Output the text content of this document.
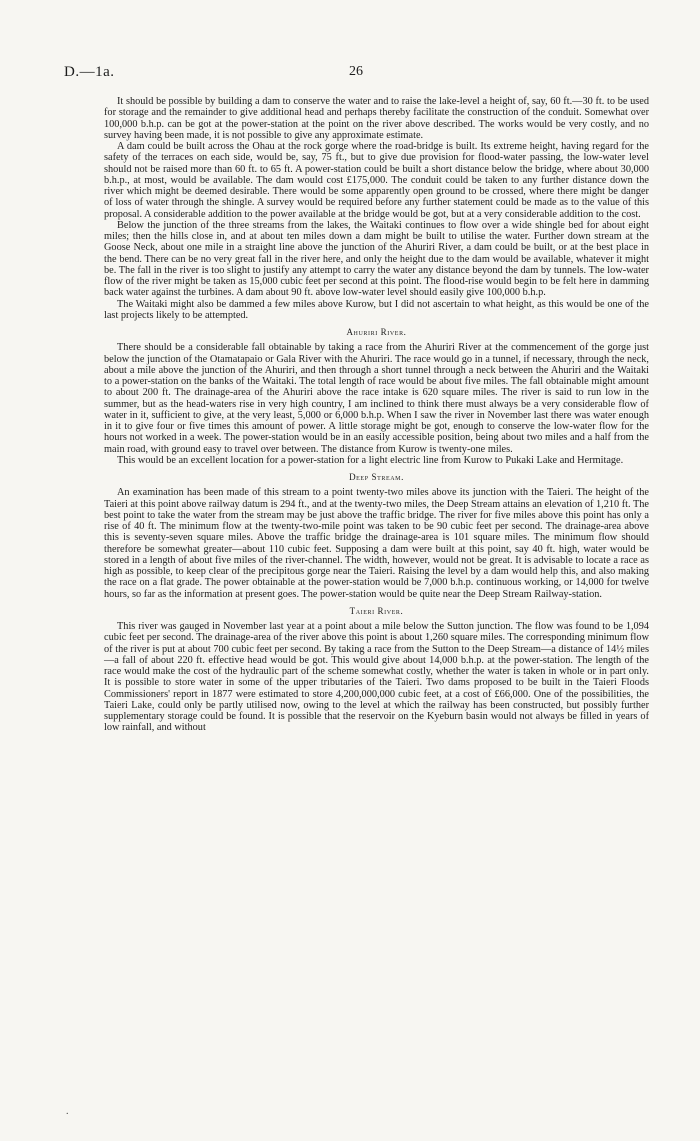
D.—1a.	26

It should be possible by building a dam to conserve the water and to raise the lake-level a height of, say, 60 ft.—30 ft. to be used for storage and the remainder to give additional head and perhaps thereby facilitate the construction of the conduit. Somewhat over 100,000 b.h.p. can be got at the power-station at the point on the river above described. The works would be very costly, and no survey having been made, it is not possible to give any approximate estimate.

A dam could be built across the Ohau at the rock gorge where the road-bridge is built. Its extreme height, having regard for the safety of the terraces on each side, would be, say, 75 ft., but to give due provision for flood-water passing, the low-water level should not be raised more than 60 ft. to 65 ft. A power-station could be built a short distance below the bridge, where about 30,000 b.h.p., at most, would be available. The dam would cost £175,000. The conduit could be taken to any further distance down the river which might be deemed desirable. There would be some apparently open ground to be crossed, where there might be danger of loss of water through the shingle. A survey would be required before any further statement could be made as to the value of this proposal. A considerable addition to the power available at the bridge would be got, but at a very considerable addition to the cost.

Below the junction of the three streams from the lakes, the Waitaki continues to flow over a wide shingle bed for about eight miles; then the hills close in, and at about ten miles down a dam might be built to utilise the water. Further down stream at the Goose Neck, about one mile in a straight line above the junction of the Ahuriri River, a dam could be built, or at the best place in the bend. There can be no very great fall in the river here, and only the height due to the dam would be available, whatever it might be. The fall in the river is too slight to justify any attempt to carry the water any distance beyond the dam by tunnels. The low-water flow of the river might be taken as 15,000 cubic feet per second at this point. The flood-rise would begin to be felt here in damming back water against the turbines. A dam about 90 ft. above low-water level should easily give 100,000 b.h.p.

The Waitaki might also be dammed a few miles above Kurow, but I did not ascertain to what height, as this would be one of the last projects likely to be attempted.

Ahuriri River.

There should be a considerable fall obtainable by taking a race from the Ahuriri River at the commencement of the gorge just below the junction of the Otamatapaio or Gala River with the Ahuriri. The race would go in a tunnel, if necessary, through the neck, about a mile above the junction of the Ahuriri, and then through a short tunnel through a neck between the Ahuriri and the Waitaki to a power-station on the banks of the Waitaki. The total length of race would be about five miles. The fall obtainable might amount to about 200 ft. The drainage-area of the Ahuriri above the race intake is 620 square miles. The river is said to run low in the summer, but as the head-waters rise in very high country, I am inclined to think there must always be a very considerable flow of water in it, sufficient to give, at the very least, 5,000 or 6,000 b.h.p. When I saw the river in November last there was water enough in it to give four or five times this amount of power. A little storage might be got, enough to conserve the low-water flow for the hours not worked in a week. The power-station would be in an easily accessible position, being about two miles and a half from the main road, with ground easy to travel over between. The distance from Kurow is twenty-one miles.

This would be an excellent location for a power-station for a light electric line from Kurow to Pukaki Lake and Hermitage.

Deep Stream.

An examination has been made of this stream to a point twenty-two miles above its junction with the Taieri. The height of the Taieri at this point above railway datum is 294 ft., and at the twenty-two miles, the Deep Stream attains an elevation of 1,210 ft. The best point to take the water from the stream may be just above the traffic bridge. The river for five miles above this point has only a rise of 40 ft. The minimum flow at the twenty-two-mile point was taken to be 90 cubic feet per second. The drainage-area above this is seventy-seven square miles. Above the traffic bridge the drainage-area is 101 square miles. The minimum flow should therefore be somewhat greater—about 110 cubic feet. Supposing a dam were built at this point, say 40 ft. high, water would be stored in a length of about five miles of the river-channel. The width, however, would not be great. It is advisable to locate a race as high as possible, to keep clear of the precipitous gorge near the Taieri. Raising the level by a dam would help this, and also making the race on a flat grade. The power obtainable at the power-station would be 7,000 b.h.p. continuous working, or 14,000 for twelve hours, so far as the information at present goes. The power-station would be quite near the Deep Stream Railway-station.

Taieri River.

This river was gauged in November last year at a point about a mile below the Sutton junction. The flow was found to be 1,094 cubic feet per second. The drainage-area of the river above this point is about 1,260 square miles. The corresponding minimum flow of the river is put at about 700 cubic feet per second. By taking a race from the Sutton to the Deep Stream—a distance of 14½ miles—a fall of about 220 ft. effective head would be got. This would give about 14,000 b.h.p. at the power-station. The length of the race would make the cost of the hydraulic part of the scheme somewhat costly, whether the water is taken in whole or in part only. It is possible to store water in some of the upper tributaries of the Taieri. Two dams proposed to be built in the Taieri Floods Commissioners' report in 1877 were estimated to store 4,200,000,000 cubic feet, at a cost of £66,000. One of the possibilities, the Taieri Lake, could only be partly utilised now, owing to the level at which the railway has been constructed, but possibly further supplementary storage could be found. It is possible that the reservoir on the Kyeburn basin would not always be filled in years of low rainfall, and without

.
